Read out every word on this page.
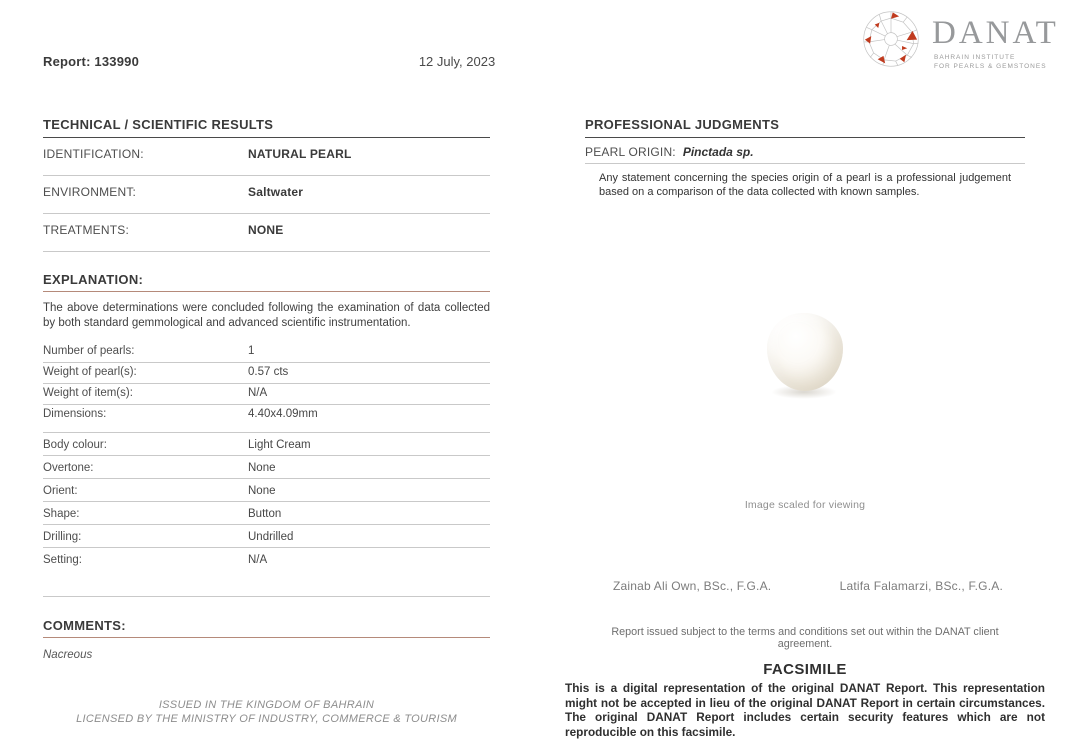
Report: 133990	12 July, 2023
DANAT
BAHRAIN INSTITUTE
FOR PEARLS & GEMSTONES
TECHNICAL / SCIENTIFIC RESULTS
IDENTIFICATION:	NATURAL PEARL
ENVIRONMENT:	Saltwater
TREATMENTS:	NONE
EXPLANATION:
The above determinations were concluded following the examination of data collected by both standard gemmological and advanced scientific instrumentation.
Number of pearls:	1
Weight of pearl(s):	0.57 cts
Weight of item(s):	N/A
Dimensions:	4.40x4.09mm
Body colour:	Light Cream
Overtone:	None
Orient:	None
Shape:	Button
Drilling:	Undrilled
Setting:	N/A
COMMENTS:
Nacreous
PROFESSIONAL JUDGMENTS
PEARL ORIGIN: Pinctada sp.
Any statement concerning the species origin of a pearl is a professional judgement based on a comparison of the data collected with known samples.
Image scaled for viewing
Zainab Ali Own, BSc., F.G.A.	Latifa Falamarzi, BSc., F.G.A.
Report issued subject to the terms and conditions set out within the DANAT client agreement.
FACSIMILE
This is a digital representation of the original DANAT Report. This representation might not be accepted in lieu of the original DANAT Report in certain circumstances. The original DANAT Report includes certain security features which are not reproducible on this facsimile.
ISSUED IN THE KINGDOM OF BAHRAIN
LICENSED BY THE MINISTRY OF INDUSTRY, COMMERCE & TOURISM
